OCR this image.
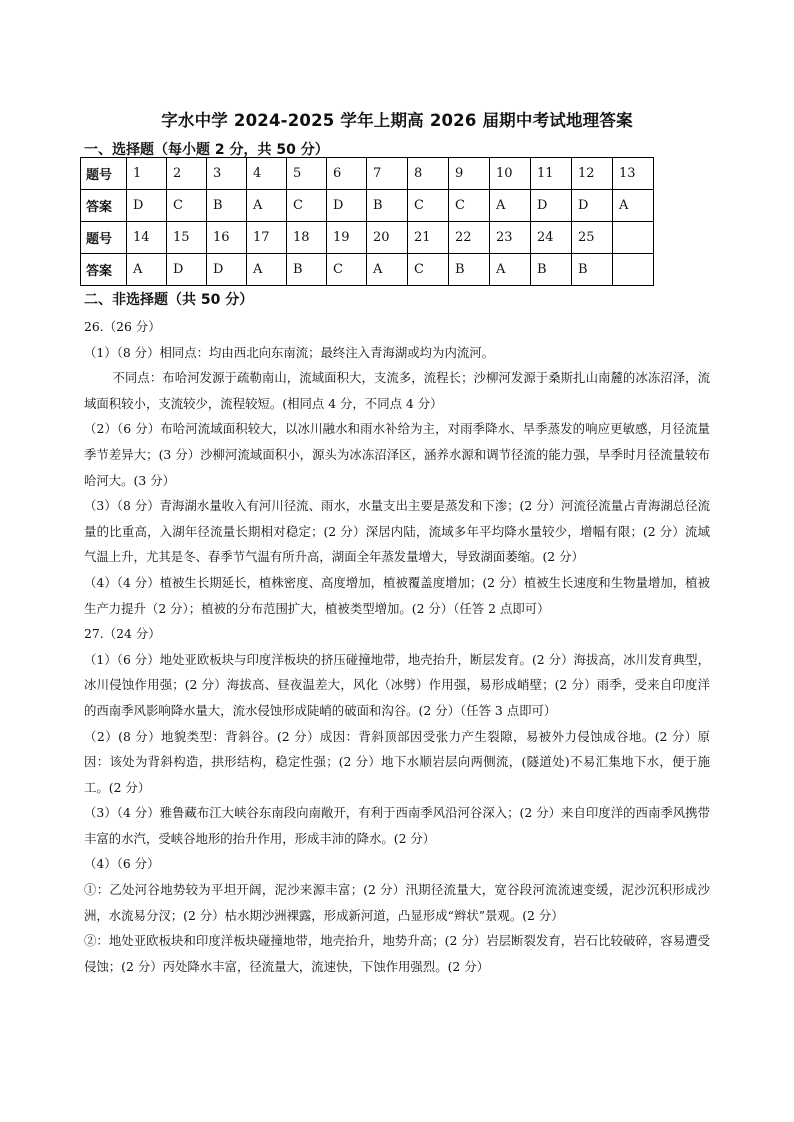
字水中学 2024-2025 学年上期高 2026 届期中考试地理答案
一、选择题（每小题 2 分，共 50 分）
题号	1	2	3	4	5	6	7	8	9	10	11	12	13
答案	D	C	B	A	C	D	B	C	C	A	D	D	A
题号	14	15	16	17	18	19	20	21	22	23	24	25	
答案	A	D	D	A	B	C	A	C	B	A	B	B	
二、非选择题（共 50 分）

26.（26 分）

（1）（8 分）相同点：均由西北向东南流；最终注入青海湖或均为内流河。

不同点：布哈河发源于疏勒南山，流域面积大，支流多，流程长；沙柳河发源于桑斯扎山南麓的冰冻沼泽，流域面积较小，支流较少，流程较短。(相同点 4 分，不同点 4 分）

（2）（6 分）布哈河流域面积较大，以冰川融水和雨水补给为主，对雨季降水、旱季蒸发的响应更敏感，月径流量季节差异大；(3 分）沙柳河流域面积小，源头为冰冻沼泽区，涵养水源和调节径流的能力强，旱季时月径流量较布哈河大。(3 分）

（3）（8 分）青海湖水量收入有河川径流、雨水，水量支出主要是蒸发和下渗；(2 分）河流径流量占青海湖总径流量的比重高，入湖年径流量长期相对稳定；(2 分）深居内陆，流域多年平均降水量较少，增幅有限；(2 分）流域气温上升，尤其是冬、春季节气温有所升高，湖面全年蒸发量增大，导致湖面萎缩。(2 分）

（4）（4 分）植被生长期延长，植株密度、高度增加，植被覆盖度增加；(2 分）植被生长速度和生物量增加，植被生产力提升（2 分）；植被的分布范围扩大，植被类型增加。(2 分）（任答 2 点即可）

27.（24 分）

（1）（6 分）地处亚欧板块与印度洋板块的挤压碰撞地带，地壳抬升，断层发育。(2 分）海拔高，冰川发育典型，冰川侵蚀作用强；(2 分）海拔高、昼夜温差大，风化（冰劈）作用强，易形成峭壁；(2 分）雨季，受来自印度洋的西南季风影响降水量大，流水侵蚀形成陡峭的破面和沟谷。(2 分）（任答 3 点即可）

（2）(8 分）地貌类型：背斜谷。(2 分）成因：背斜顶部因受张力产生裂隙，易被外力侵蚀成谷地。(2 分）原因：该处为背斜构造，拱形结构，稳定性强；(2 分）地下水顺岩层向两侧流，(隧道处)不易汇集地下水，便于施工。(2 分）

（3）（4 分）雅鲁藏布江大峡谷东南段向南敞开，有利于西南季风沿河谷深入；(2 分）来自印度洋的西南季风携带丰富的水汽，受峡谷地形的抬升作用，形成丰沛的降水。(2 分）

（4）（6 分）

①：乙处河谷地势较为平坦开阔，泥沙来源丰富；(2 分）汛期径流量大，宽谷段河流流速变缓，泥沙沉积形成沙洲，水流易分汊；(2 分）枯水期沙洲裸露，形成新河道，凸显形成“辫状”景观。(2 分）

②：地处亚欧板块和印度洋板块碰撞地带，地壳抬升，地势升高；(2 分）岩层断裂发育，岩石比较破碎，容易遭受侵蚀；(2 分）丙处降水丰富，径流量大，流速快，下蚀作用强烈。(2 分）
